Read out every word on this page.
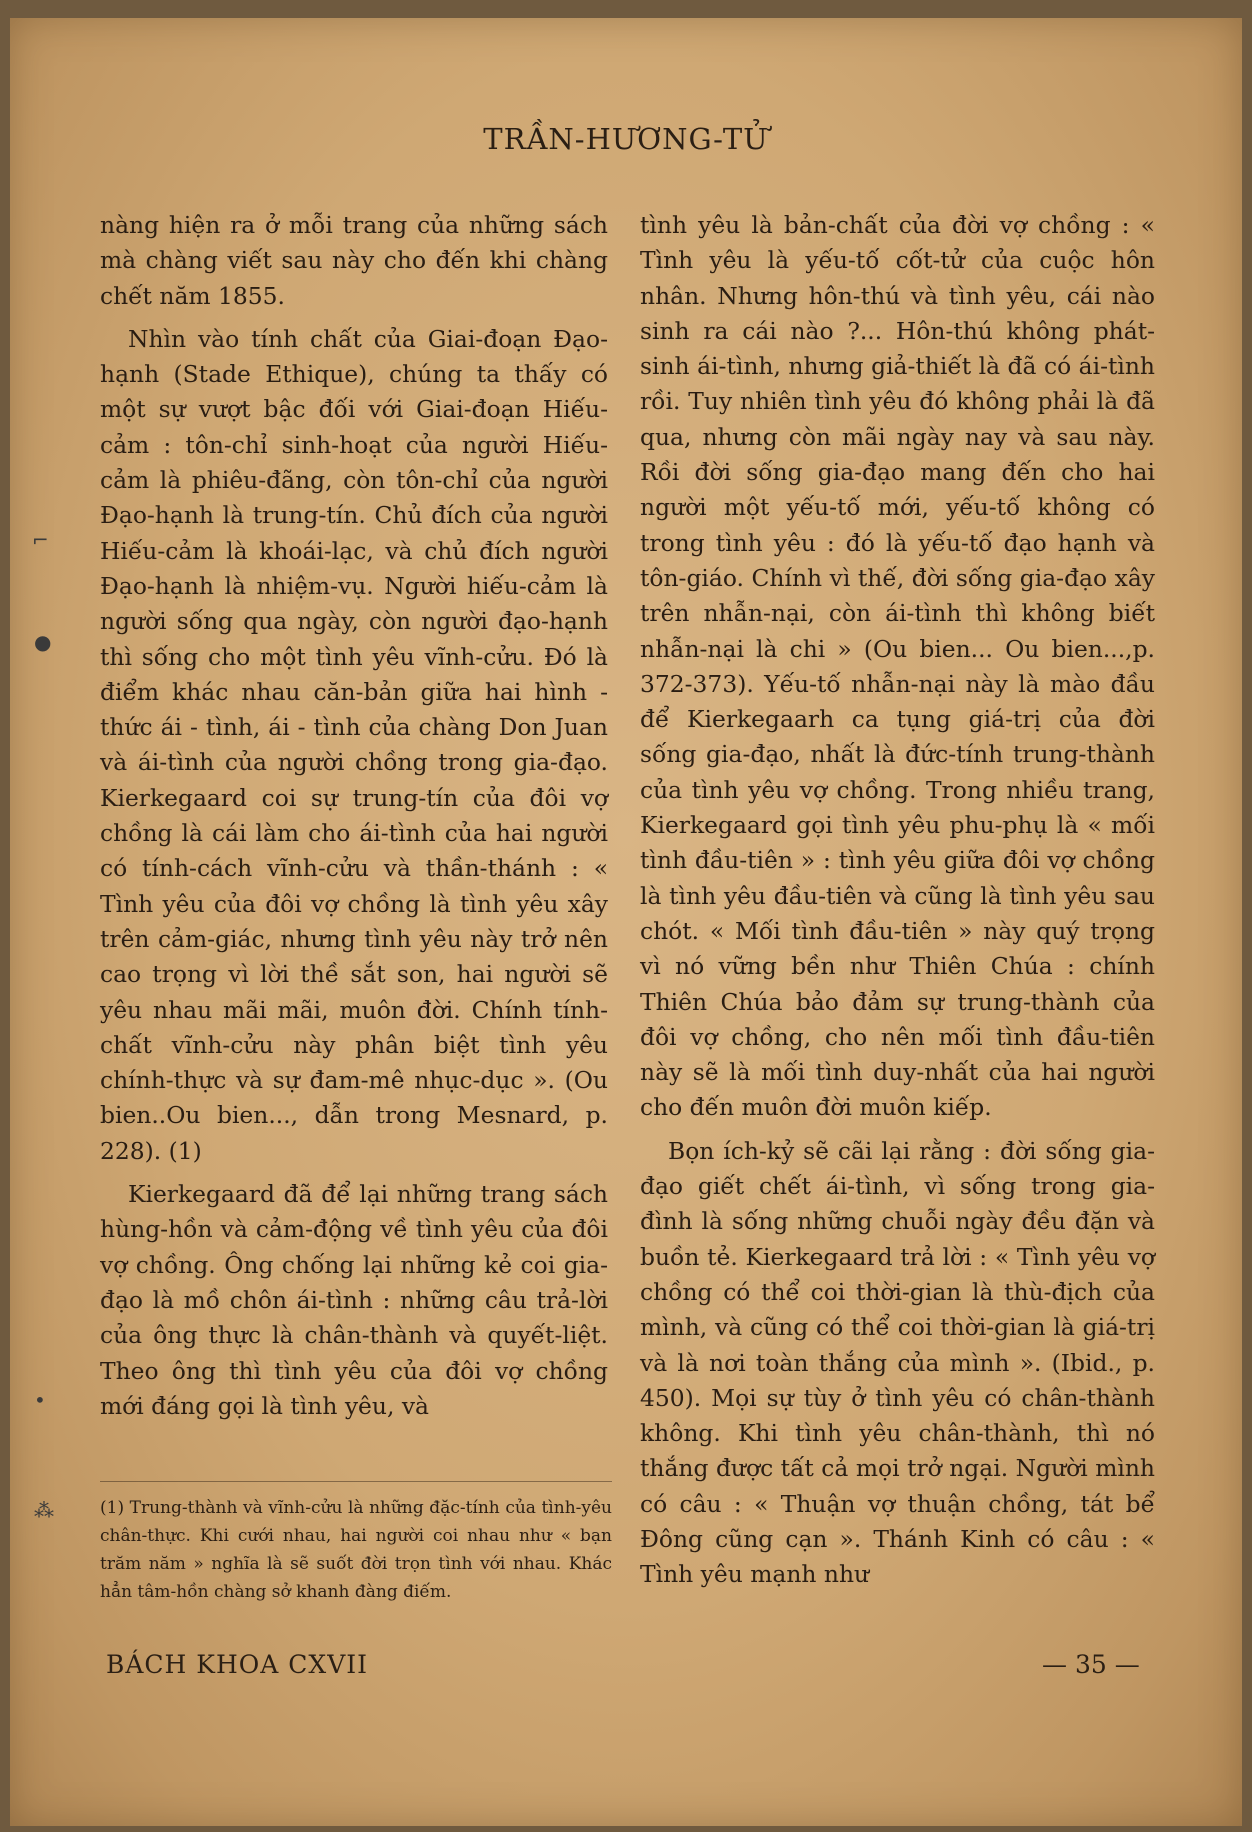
TRẦN-HƯƠNG-TỬ

nàng hiện ra ở mỗi trang của những sách mà chàng viết sau này cho đến khi chàng chết năm 1855.

Nhìn vào tính chất của Giai-đoạn Đạo-hạnh (Stade Ethique), chúng ta thấy có một sự vượt bậc đối với Giai-đoạn Hiếu-cảm : tôn-chỉ sinh-hoạt của người Hiếu-cảm là phiêu-đãng, còn tôn-chỉ của người Đạo-hạnh là trung-tín. Chủ đích của người Hiếu-cảm là khoái-lạc, và chủ đích người Đạo-hạnh là nhiệm-vụ. Người hiếu-cảm là người sống qua ngày, còn người đạo-hạnh thì sống cho một tình yêu vĩnh-cửu. Đó là điểm khác nhau căn-bản giữa hai hình - thức ái - tình, ái - tình của chàng Don Juan và ái-tình của người chồng trong gia-đạo. Kierkegaard coi sự trung-tín của đôi vợ chồng là cái làm cho ái-tình của hai người có tính-cách vĩnh-cửu và thần-thánh : « Tình yêu của đôi vợ chồng là tình yêu xây trên cảm-giác, nhưng tình yêu này trở nên cao trọng vì lời thề sắt son, hai người sẽ yêu nhau mãi mãi, muôn đời. Chính tính-chất vĩnh-cửu này phân biệt tình yêu chính-thực và sự đam-mê nhục-dục ». (Ou bien..Ou bien..., dẫn trong Mesnard, p. 228). (1)

Kierkegaard đã để lại những trang sách hùng-hồn và cảm-động về tình yêu của đôi vợ chồng. Ông chống lại những kẻ coi gia-đạo là mồ chôn ái-tình : những câu trả-lời của ông thực là chân-thành và quyết-liệt. Theo ông thì tình yêu của đôi vợ chồng mới đáng gọi là tình yêu, và

tình yêu là bản-chất của đời vợ chồng : « Tình yêu là yếu-tố cốt-tử của cuộc hôn nhân. Nhưng hôn-thú và tình yêu, cái nào sinh ra cái nào ?... Hôn-thú không phát-sinh ái-tình, nhưng giả-thiết là đã có ái-tình rồi. Tuy nhiên tình yêu đó không phải là đã qua, nhưng còn mãi ngày nay và sau này. Rồi đời sống gia-đạo mang đến cho hai người một yếu-tố mới, yếu-tố không có trong tình yêu : đó là yếu-tố đạo hạnh và tôn-giáo. Chính vì thế, đời sống gia-đạo xây trên nhẫn-nại, còn ái-tình thì không biết nhẫn-nại là chi » (Ou bien... Ou bien...,p. 372-373). Yếu-tố nhẫn-nại này là mào đầu để Kierkegaarh ca tụng giá-trị của đời sống gia-đạo, nhất là đức-tính trung-thành của tình yêu vợ chồng. Trong nhiều trang, Kierkegaard gọi tình yêu phu-phụ là « mối tình đầu-tiên » : tình yêu giữa đôi vợ chồng là tình yêu đầu-tiên và cũng là tình yêu sau chót. « Mối tình đầu-tiên » này quý trọng vì nó vững bền như Thiên Chúa : chính Thiên Chúa bảo đảm sự trung-thành của đôi vợ chồng, cho nên mối tình đầu-tiên này sẽ là mối tình duy-nhất của hai người cho đến muôn đời muôn kiếp.

Bọn ích-kỷ sẽ cãi lại rằng : đời sống gia-đạo giết chết ái-tình, vì sống trong gia-đình là sống những chuỗi ngày đều đặn và buồn tẻ. Kierkegaard trả lời : « Tình yêu vợ chồng có thể coi thời-gian là thù-địch của mình, và cũng có thể coi thời-gian là giá-trị và là nơi toàn thắng của mình ». (Ibid., p. 450). Mọi sự tùy ở tình yêu có chân-thành không. Khi tình yêu chân-thành, thì nó thắng được tất cả mọi trở ngại. Người mình có câu : « Thuận vợ thuận chồng, tát bể Đông cũng cạn ». Thánh Kinh có câu : « Tình yêu mạnh như

(1) Trung-thành và vĩnh-cửu là những đặc-tính của tình-yêu chân-thực. Khi cưới nhau, hai người coi nhau như « bạn trăm năm » nghĩa là sẽ suốt đời trọn tình với nhau. Khác hẳn tâm-hồn chàng sở khanh đàng điếm.
BÁCH KHOA CXVII	— 35 —
⌐
●
•
⁂
